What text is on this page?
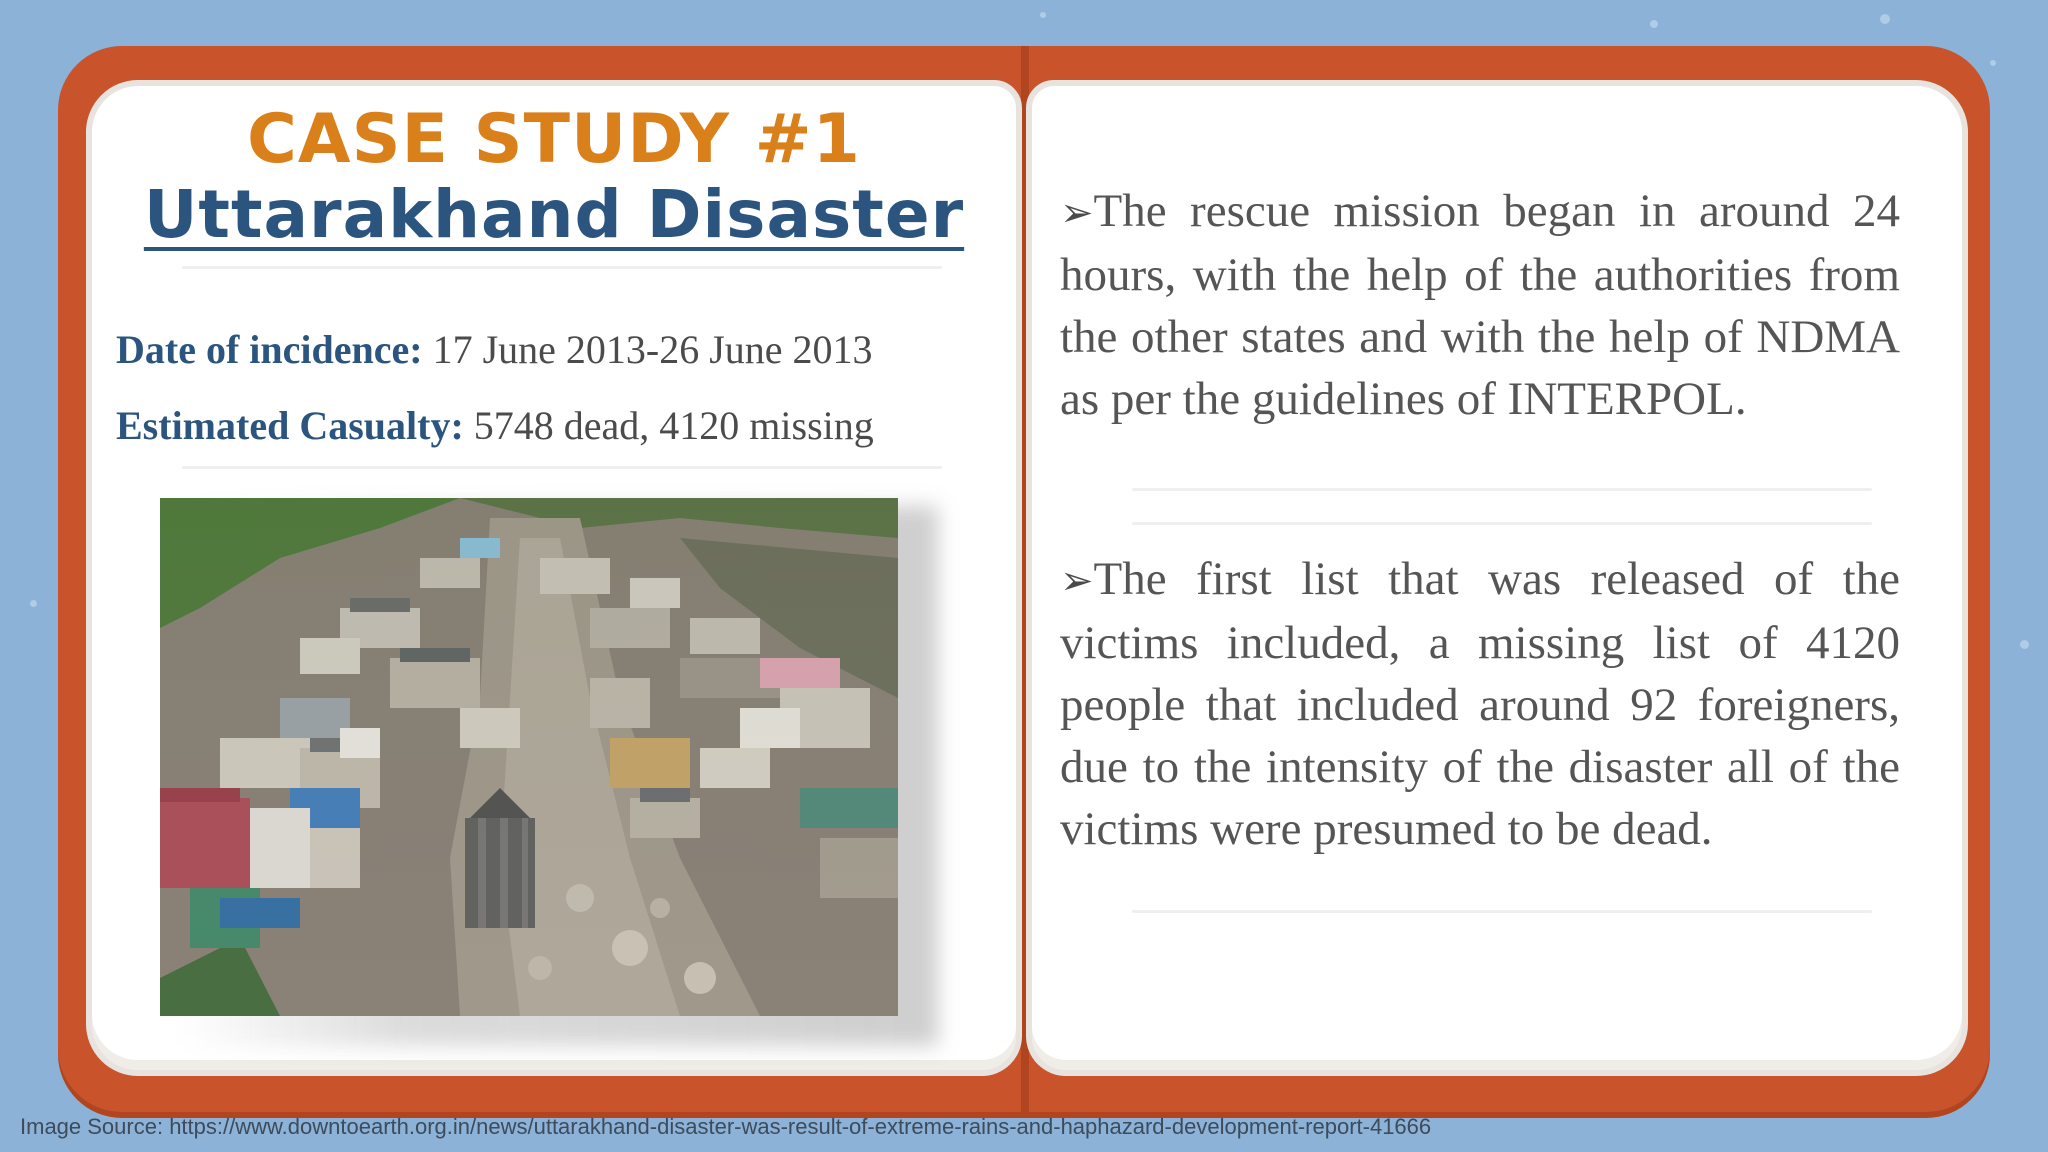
CASE STUDY #1
Uttarakhand Disaster
Date of incidence: 17 June 2013-26 June 2013
Estimated Casualty: 5748 dead, 4120 missing
➢The rescue mission began in around 24 hours, with the help of the authorities from the other states and with the help of NDMA as per the guidelines of INTERPOL.
➢The first list that was released of the victims included, a missing list of 4120 people that included around 92 foreigners, due to the intensity of the disaster all of the victims were presumed to be dead.
Image Source: https://www.downtoearth.org.in/news/uttarakhand-disaster-was-result-of-extreme-rains-and-haphazard-development-report-41666
